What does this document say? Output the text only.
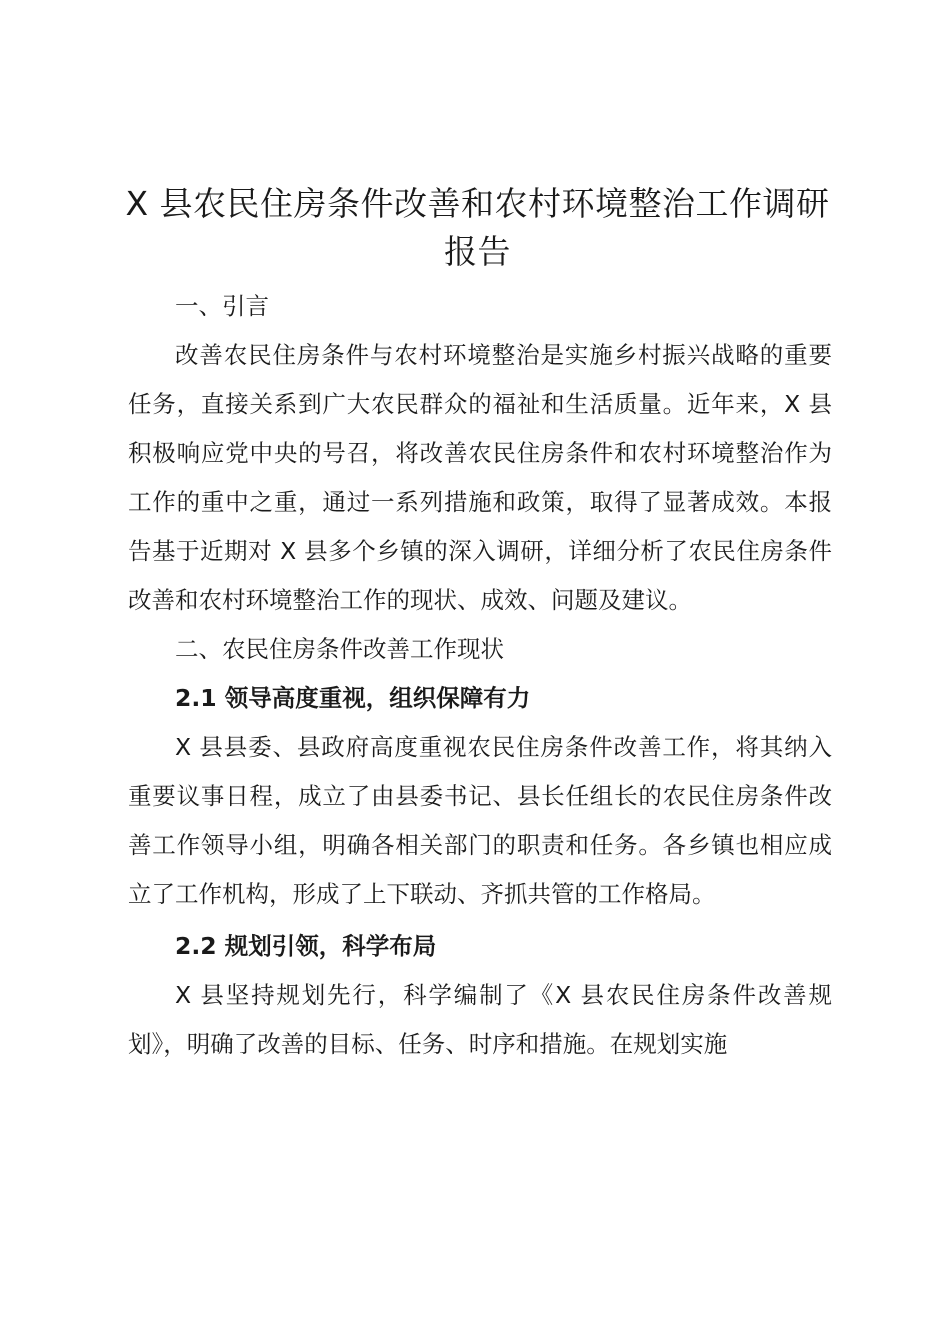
X 县农民住房条件改善和农村环境整治工作调研报告

一、引言

改善农民住房条件与农村环境整治是实施乡村振兴战略的重要任务，直接关系到广大农民群众的福祉和生活质量。近年来，X 县积极响应党中央的号召，将改善农民住房条件和农村环境整治作为工作的重中之重，通过一系列措施和政策，取得了显著成效。本报告基于近期对 X 县多个乡镇的深入调研，详细分析了农民住房条件改善和农村环境整治工作的现状、成效、问题及建议。

二、农民住房条件改善工作现状

2.1 领导高度重视，组织保障有力

X 县县委、县政府高度重视农民住房条件改善工作，将其纳入重要议事日程，成立了由县委书记、县长任组长的农民住房条件改善工作领导小组，明确各相关部门的职责和任务。各乡镇也相应成立了工作机构，形成了上下联动、齐抓共管的工作格局。

2.2 规划引领，科学布局

X 县坚持规划先行，科学编制了《X 县农民住房条件改善规划》，明确了改善的目标、任务、时序和措施。在规划实施
